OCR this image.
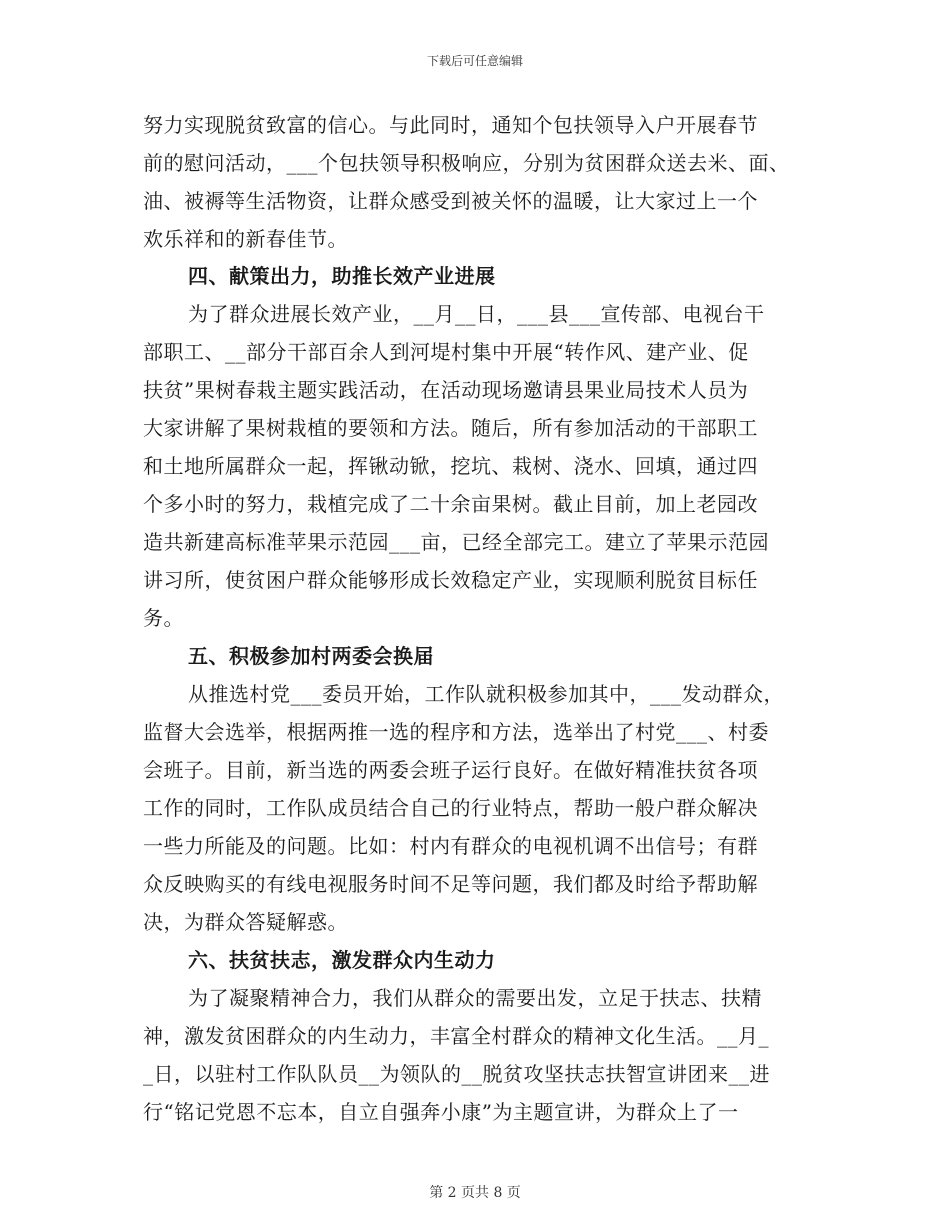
下载后可任意编辑
努力实现脱贫致富的信心。与此同时，通知个包扶领导入户开展春节
前的慰问活动，___个包扶领导积极响应，分别为贫困群众送去米、面、
油、被褥等生活物资，让群众感受到被关怀的温暖，让大家过上一个
欢乐祥和的新春佳节。
四、献策出力，助推长效产业进展
为了群众进展长效产业，__月__日，___县___宣传部、电视台干
部职工、__部分干部百余人到河堤村集中开展“转作风、建产业、促
扶贫”果树春栽主题实践活动，在活动现场邀请县果业局技术人员为
大家讲解了果树栽植的要领和方法。随后，所有参加活动的干部职工
和土地所属群众一起，挥锹动锨，挖坑、栽树、浇水、回填，通过四
个多小时的努力，栽植完成了二十余亩果树。截止目前，加上老园改
造共新建高标准苹果示范园___亩，已经全部完工。建立了苹果示范园
讲习所，使贫困户群众能够形成长效稳定产业，实现顺利脱贫目标任
务。
五、积极参加村两委会换届
从推选村党___委员开始，工作队就积极参加其中，___发动群众，
监督大会选举，根据两推一选的程序和方法，选举出了村党___、村委
会班子。目前，新当选的两委会班子运行良好。在做好精准扶贫各项
工作的同时，工作队成员结合自己的行业特点，帮助一般户群众解决
一些力所能及的问题。比如：村内有群众的电视机调不出信号；有群
众反映购买的有线电视服务时间不足等问题，我们都及时给予帮助解
决，为群众答疑解惑。
六、扶贫扶志，激发群众内生动力
为了凝聚精神合力，我们从群众的需要出发，立足于扶志、扶精
神，激发贫困群众的内生动力，丰富全村群众的精神文化生活。__月_
_日，以驻村工作队队员__为领队的__脱贫攻坚扶志扶智宣讲团来__进
行“铭记党恩不忘本，自立自强奔小康”为主题宣讲，为群众上了一
第 2 页共 8 页
